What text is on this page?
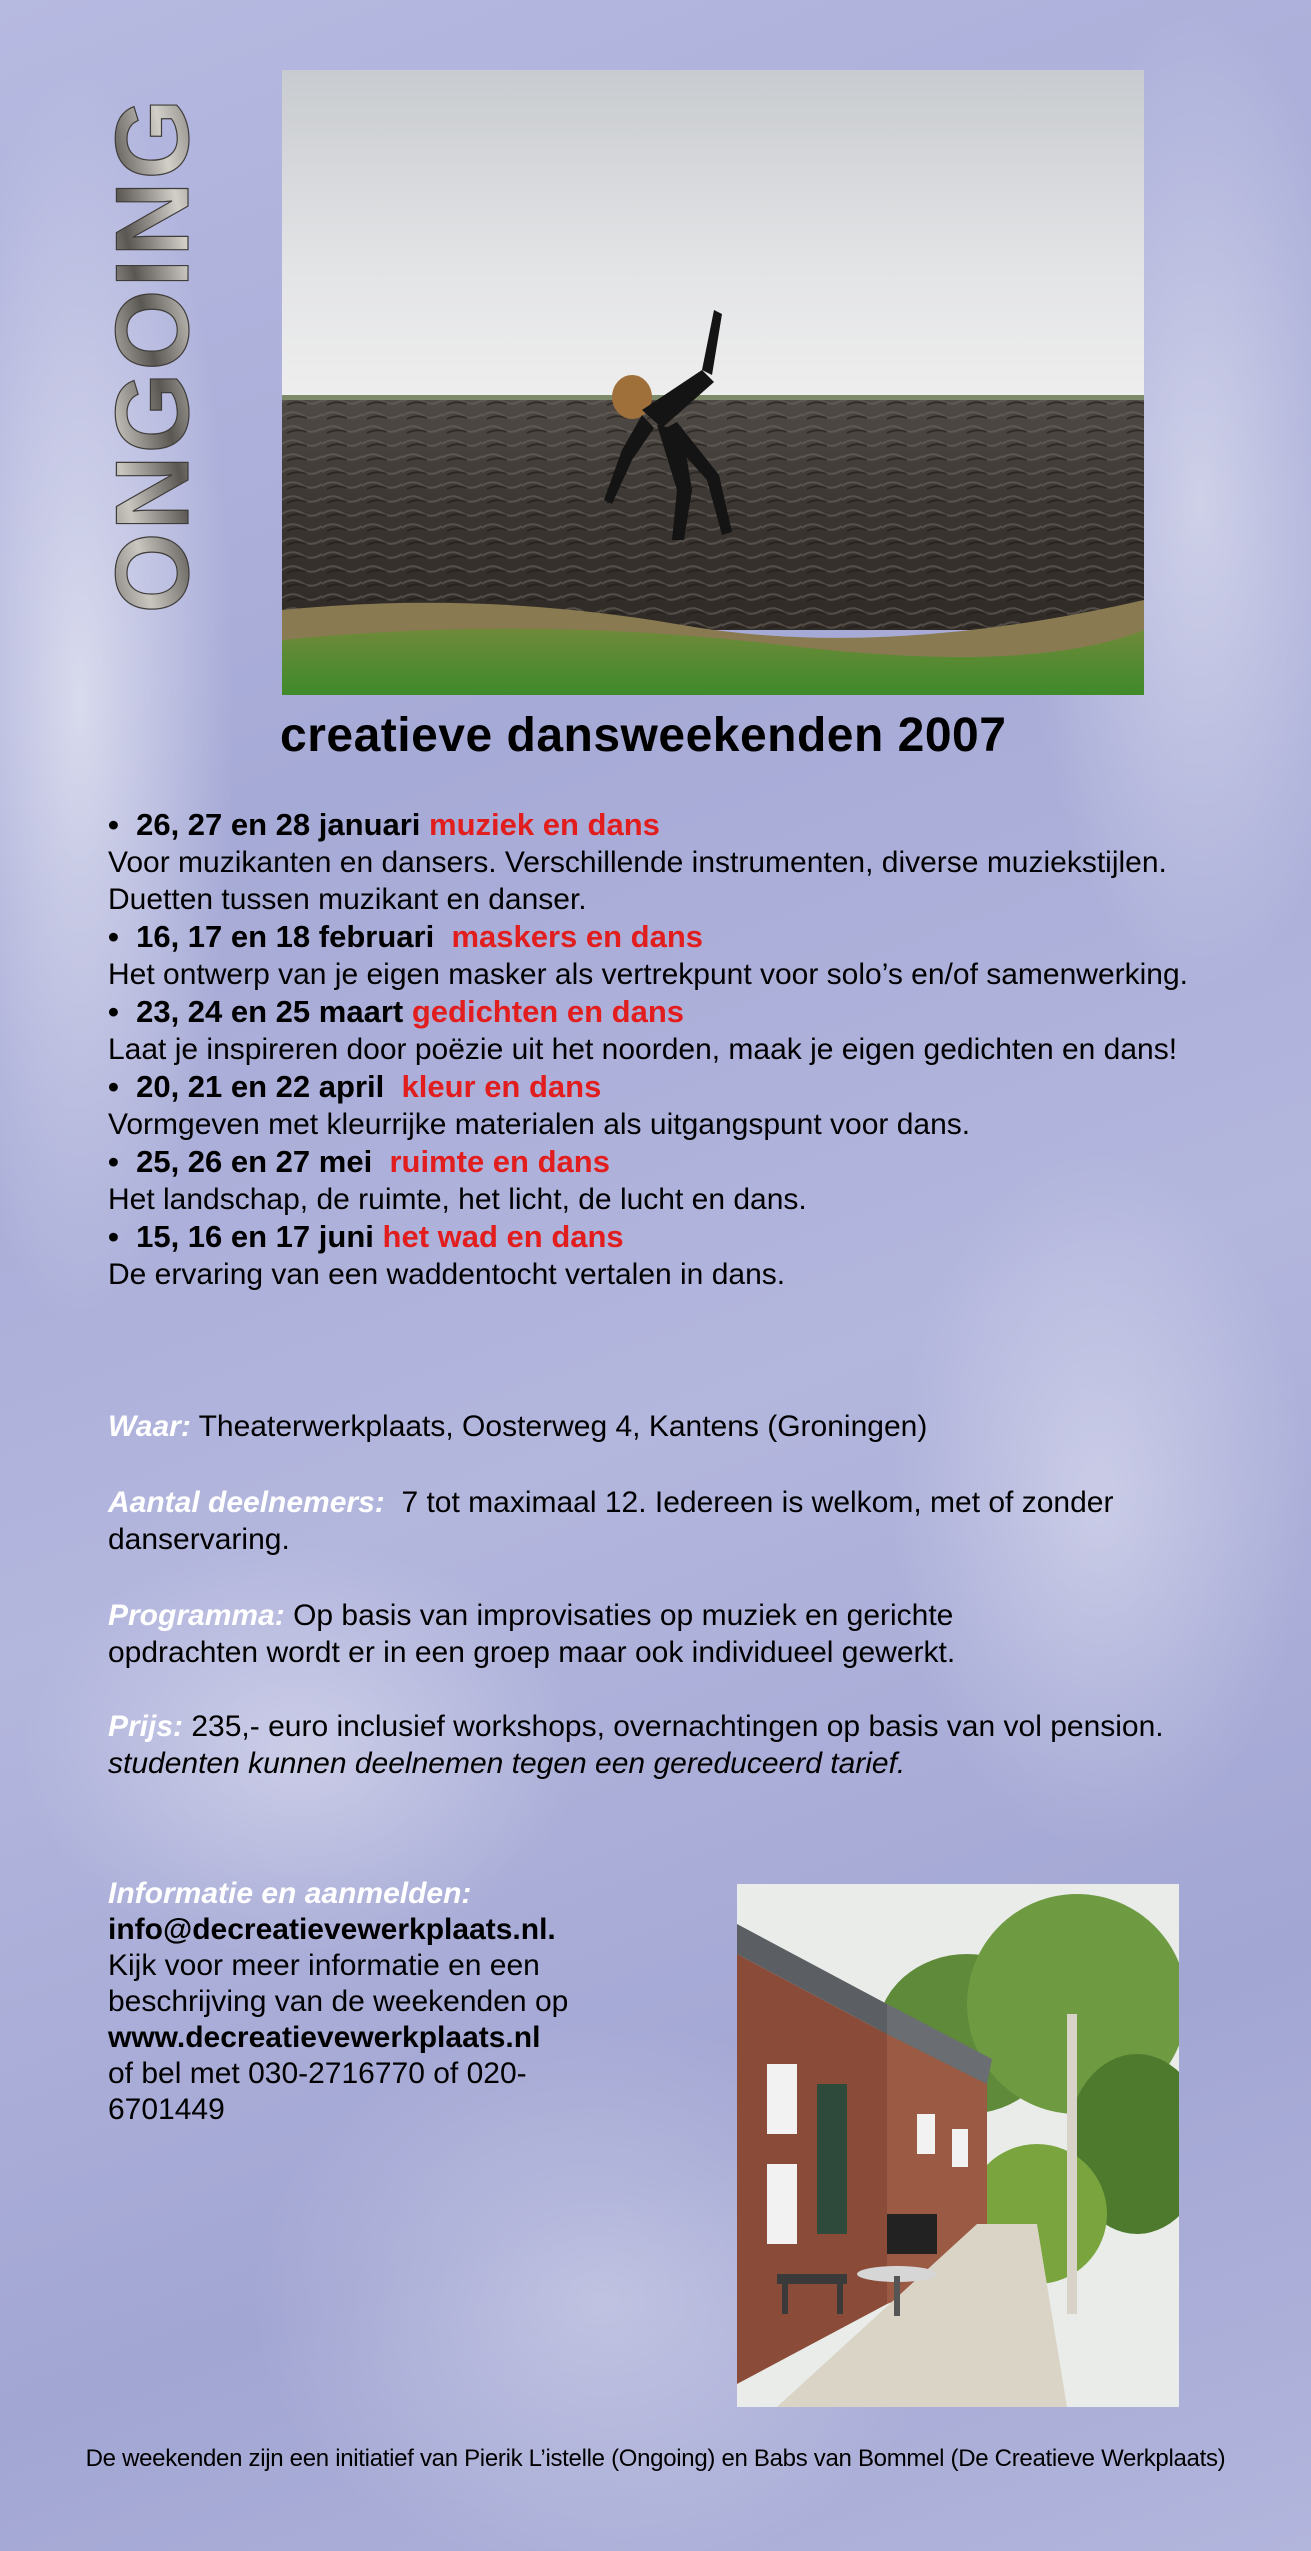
ONGOING
creatieve dansweekenden 2007
• 26, 27 en 28 januari muziek en dans
Voor muzikanten en dansers. Verschillende instrumenten, diverse muziekstijlen. Duetten tussen muzikant en danser.
• 16, 17 en 18 februari maskers en dans
Het ontwerp van je eigen masker als vertrekpunt voor solo’s en/of samenwerking.
• 23, 24 en 25 maart gedichten en dans
Laat je inspireren door poëzie uit het noorden, maak je eigen gedichten en dans!
• 20, 21 en 22 april kleur en dans
Vormgeven met kleurrijke materialen als uitgangspunt voor dans.
• 25, 26 en 27 mei ruimte en dans
Het landschap, de ruimte, het licht, de lucht en dans.
• 15, 16 en 17 juni het wad en dans
De ervaring van een waddentocht vertalen in dans.
Waar: Theaterwerkplaats, Oosterweg 4, Kantens (Groningen)
Aantal deelnemers: 7 tot maximaal 12. Iedereen is welkom, met of zonder danservaring.
Programma: Op basis van improvisaties op muziek en gerichte opdrachten wordt er in een groep maar ook individueel gewerkt.
Prijs: 235,- euro inclusief workshops, overnachtingen op basis van vol pension. studenten kunnen deelnemen tegen een gereduceerd tarief.
Informatie en aanmelden:
info@decreatievewerkplaats.nl.
Kijk voor meer informatie en een beschrijving van de weekenden op
www.decreatievewerkplaats.nl
of bel met 030-2716770 of 020-6701449
De weekenden zijn een initiatief van Pierik L’istelle (Ongoing) en Babs van Bommel (De Creatieve Werkplaats)
